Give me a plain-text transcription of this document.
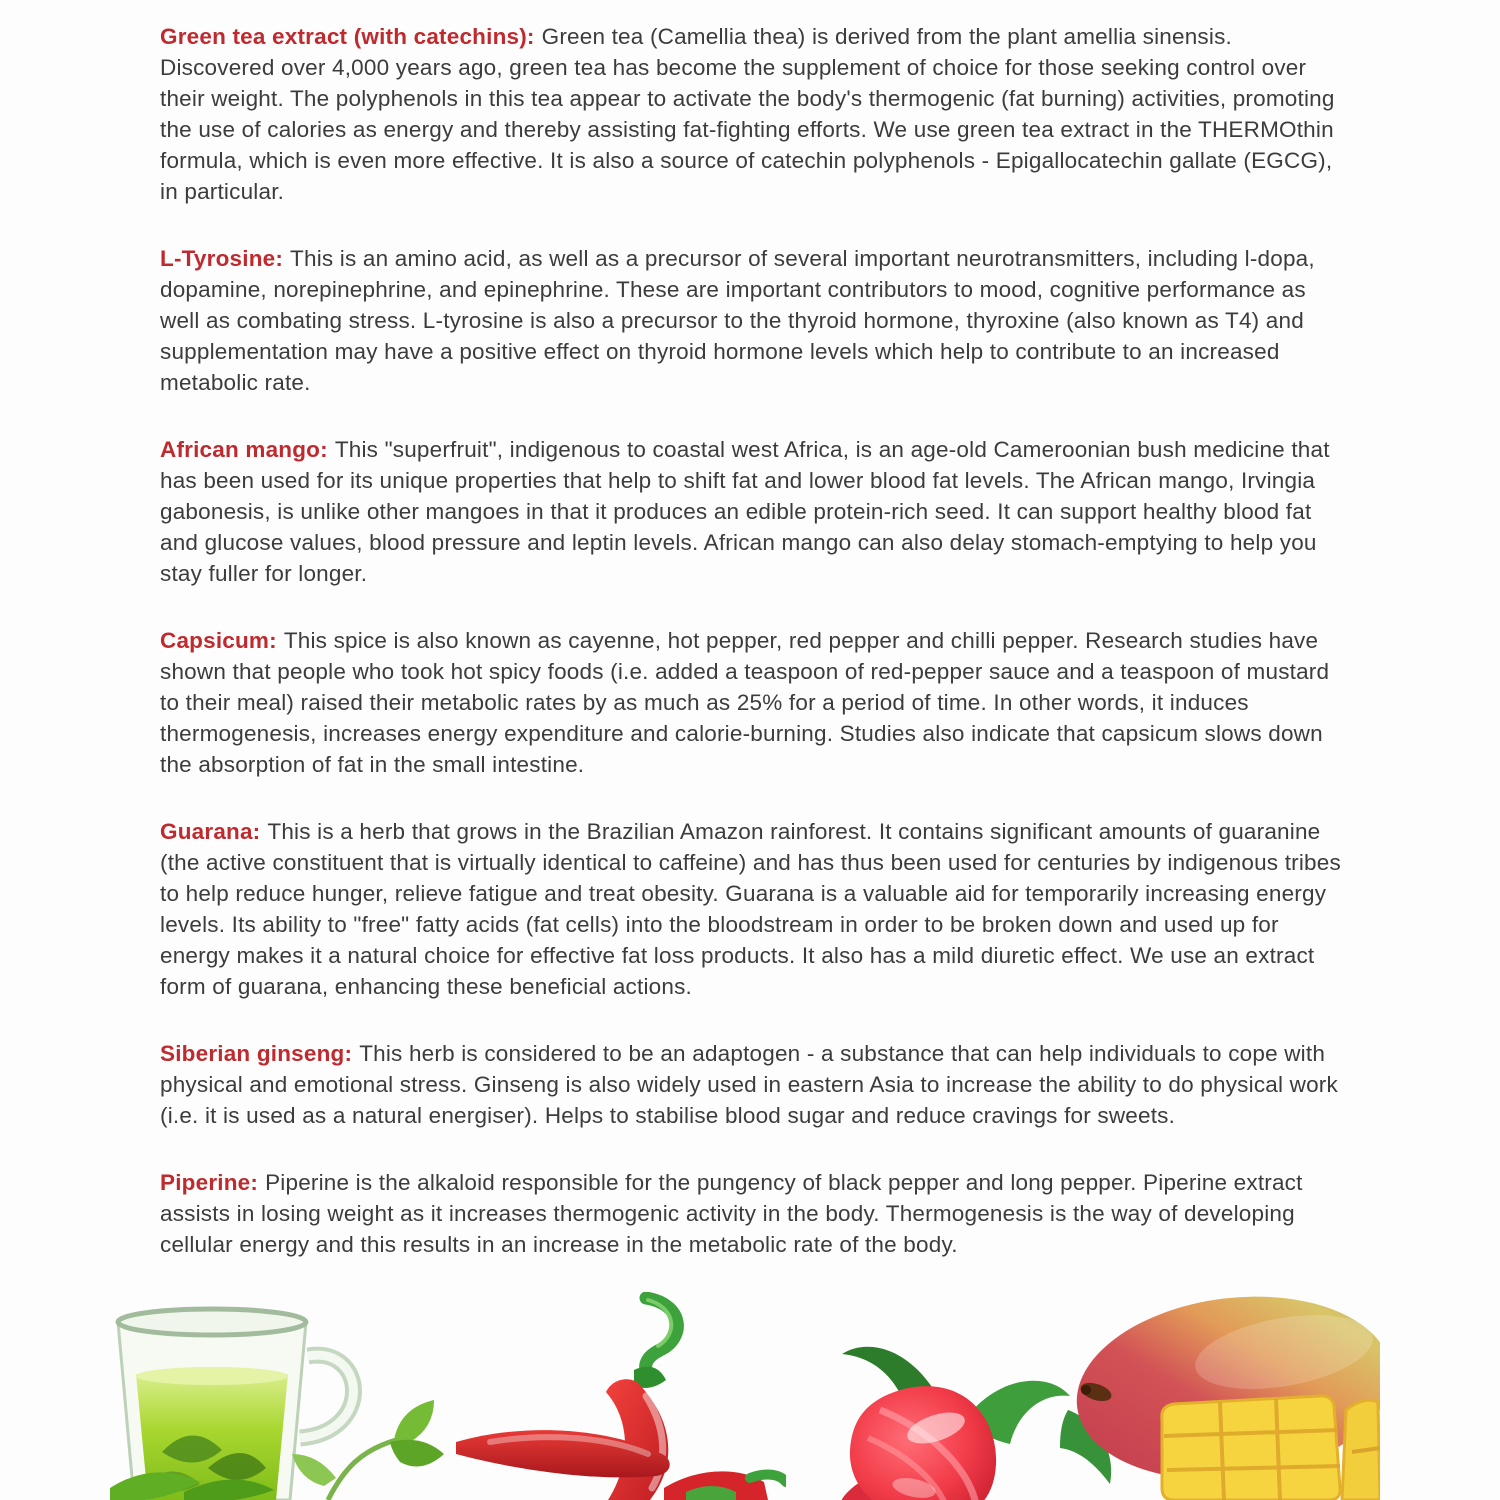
Green tea extract (with catechins): Green tea (Camellia thea) is derived from the plant amellia sinensis. Discovered over 4,000 years ago, green tea has become the supplement of choice for those seeking control over their weight. The polyphenols in this tea appear to activate the body's thermogenic (fat burning) activities, promoting the use of calories as energy and thereby assisting fat-fighting efforts. We use green tea extract in the THERMOthin formula, which is even more effective. It is also a source of catechin polyphenols - Epigallocatechin gallate (EGCG), in particular.

L-Tyrosine: This is an amino acid, as well as a precursor of several important neurotransmitters, including l-dopa, dopamine, norepinephrine, and epinephrine. These are important contributors to mood, cognitive performance as well as combating stress. L-tyrosine is also a precursor to the thyroid hormone, thyroxine (also known as T4) and supplementation may have a positive effect on thyroid hormone levels which help to contribute to an increased metabolic rate.

African mango: This "superfruit", indigenous to coastal west Africa, is an age-old Cameroonian bush medicine that has been used for its unique properties that help to shift fat and lower blood fat levels. The African mango, Irvingia gabonesis, is unlike other mangoes in that it produces an edible protein-rich seed. It can support healthy blood fat and glucose values, blood pressure and leptin levels. African mango can also delay stomach-emptying to help you stay fuller for longer.

Capsicum: This spice is also known as cayenne, hot pepper, red pepper and chilli pepper. Research studies have shown that people who took hot spicy foods (i.e. added a teaspoon of red-pepper sauce and a teaspoon of mustard to their meal) raised their metabolic rates by as much as 25% for a period of time. In other words, it induces thermogenesis, increases energy expenditure and calorie-burning. Studies also indicate that capsicum slows down the absorption of fat in the small intestine.

Guarana: This is a herb that grows in the Brazilian Amazon rainforest. It contains significant amounts of guaranine (the active constituent that is virtually identical to caffeine) and has thus been used for centuries by indigenous tribes to help reduce hunger, relieve fatigue and treat obesity. Guarana is a valuable aid for temporarily increasing energy levels. Its ability to "free" fatty acids (fat cells) into the bloodstream in order to be broken down and used up for energy makes it a natural choice for effective fat loss products. It also has a mild diuretic effect. We use an extract form of guarana, enhancing these beneficial actions.

Siberian ginseng: This herb is considered to be an adaptogen - a substance that can help individuals to cope with physical and emotional stress. Ginseng is also widely used in eastern Asia to increase the ability to do physical work (i.e. it is used as a natural energiser). Helps to stabilise blood sugar and reduce cravings for sweets.

Piperine: Piperine is the alkaloid responsible for the pungency of black pepper and long pepper. Piperine extract assists in losing weight as it increases thermogenic activity in the body. Thermogenesis is the way of developing cellular energy and this results in an increase in the metabolic rate of the body.
